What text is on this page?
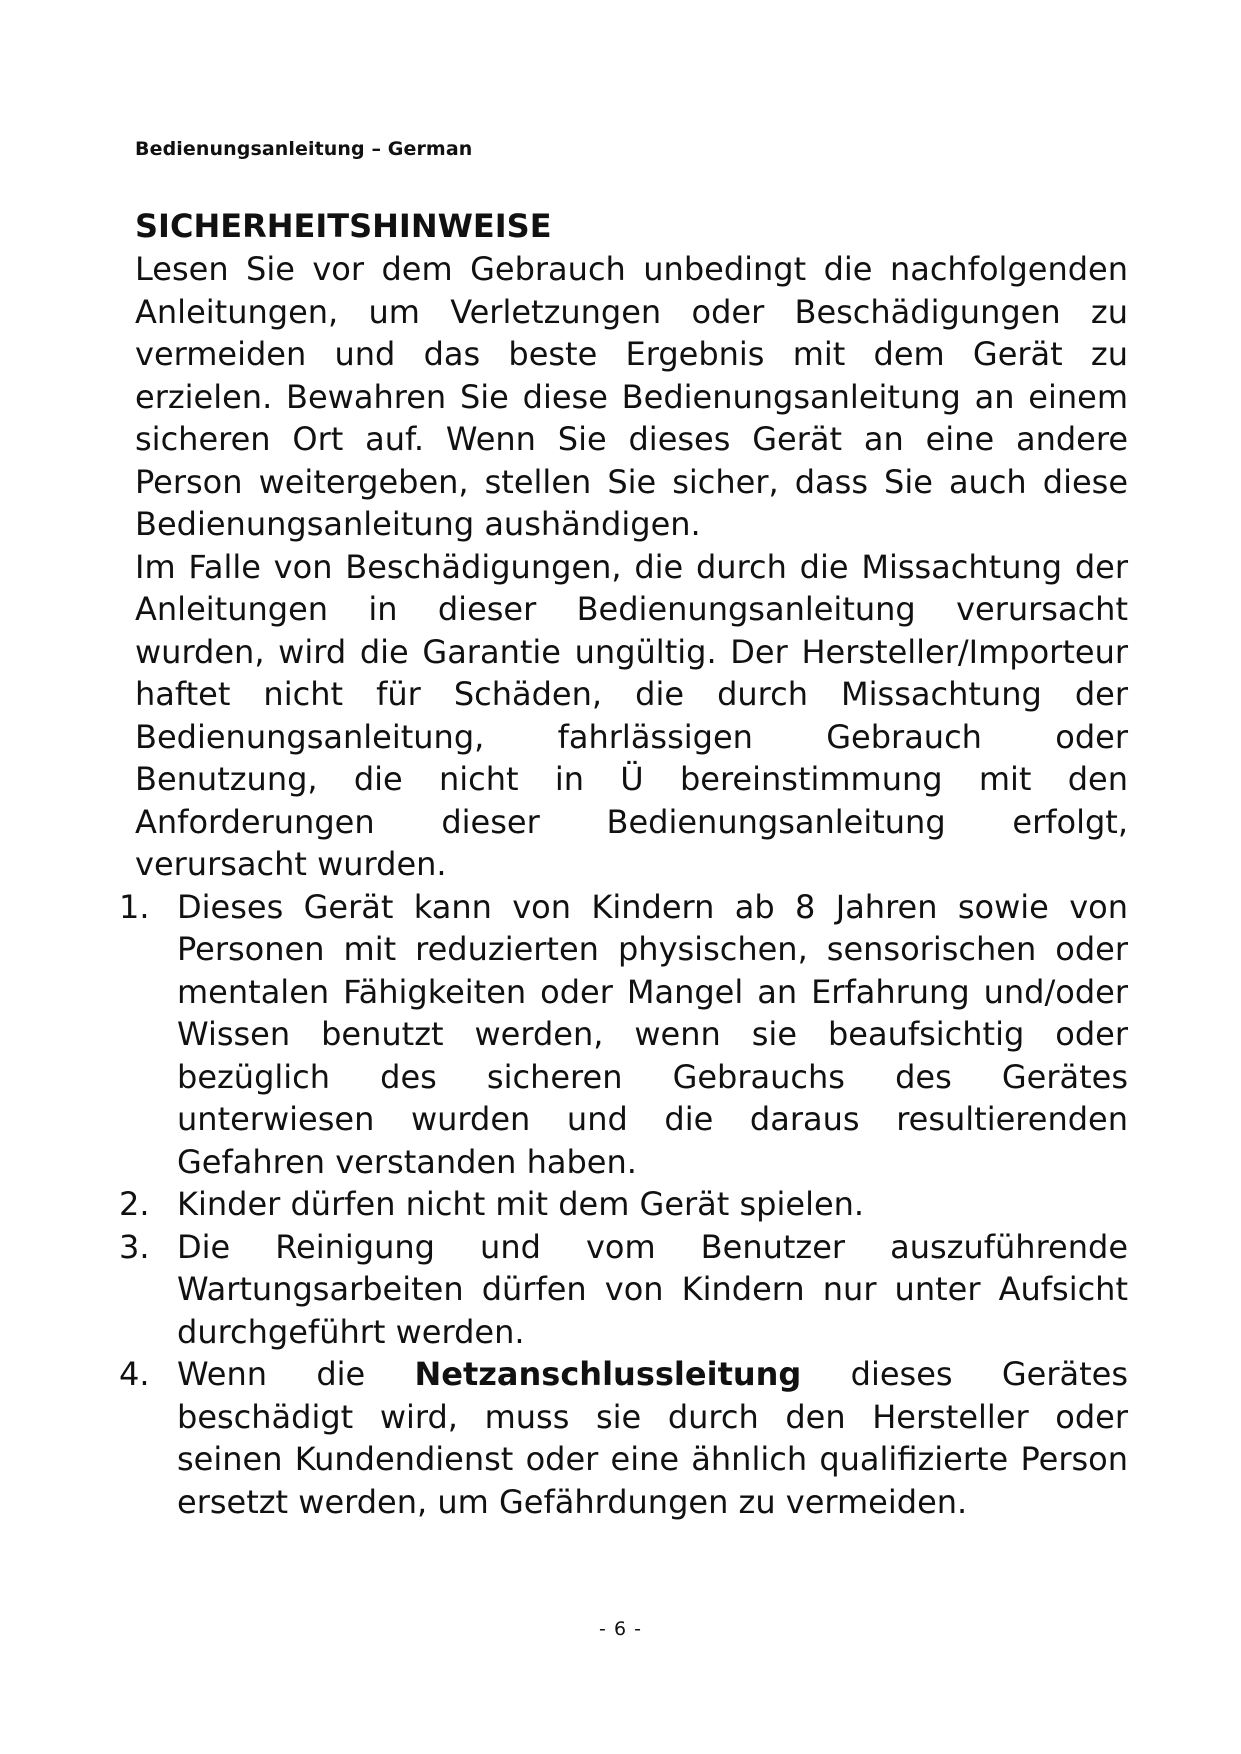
Bedienungsanleitung – German
SICHERHEITSHINWEISE

Lesen Sie vor dem Gebrauch unbedingt die nachfolgenden Anleitungen, um Verletzungen oder Beschädigungen zu vermeiden und das beste Ergebnis mit dem Gerät zu erzielen. Bewahren Sie diese Bedienungsanleitung an einem sicheren Ort auf. Wenn Sie dieses Gerät an eine andere Person weitergeben, stellen Sie sicher, dass Sie auch diese Bedienungsanleitung aushändigen.

Im Falle von Beschädigungen, die durch die Missachtung der Anleitungen in dieser Bedienungsanleitung verursacht wurden, wird die Garantie ungültig. Der Hersteller/Importeur haftet nicht für Schäden, die durch Missachtung der Bedienungsanleitung, fahrlässigen Gebrauch oder Benutzung, die nicht in Ü bereinstimmung mit den Anforderungen dieser Bedienungsanleitung erfolgt, verursacht wurden.

1. Dieses Gerät kann von Kindern ab 8 Jahren sowie von Personen mit reduzierten physischen, sensorischen oder mentalen Fähigkeiten oder Mangel an Erfahrung und/oder Wissen benutzt werden, wenn sie beaufsichtig oder bezüglich des sicheren Gebrauchs des Gerätes unterwiesen wurden und die daraus resultierenden Gefahren verstanden haben.
2. Kinder dürfen nicht mit dem Gerät spielen.
3. Die Reinigung und vom Benutzer auszuführende Wartungsarbeiten dürfen von Kindern nur unter Aufsicht durchgeführt werden.
4. Wenn die Netzanschlussleitung dieses Gerätes beschädigt wird, muss sie durch den Hersteller oder seinen Kundendienst oder eine ähnlich qualifizierte Person ersetzt werden, um Gefährdungen zu vermeiden.
- 6 -
